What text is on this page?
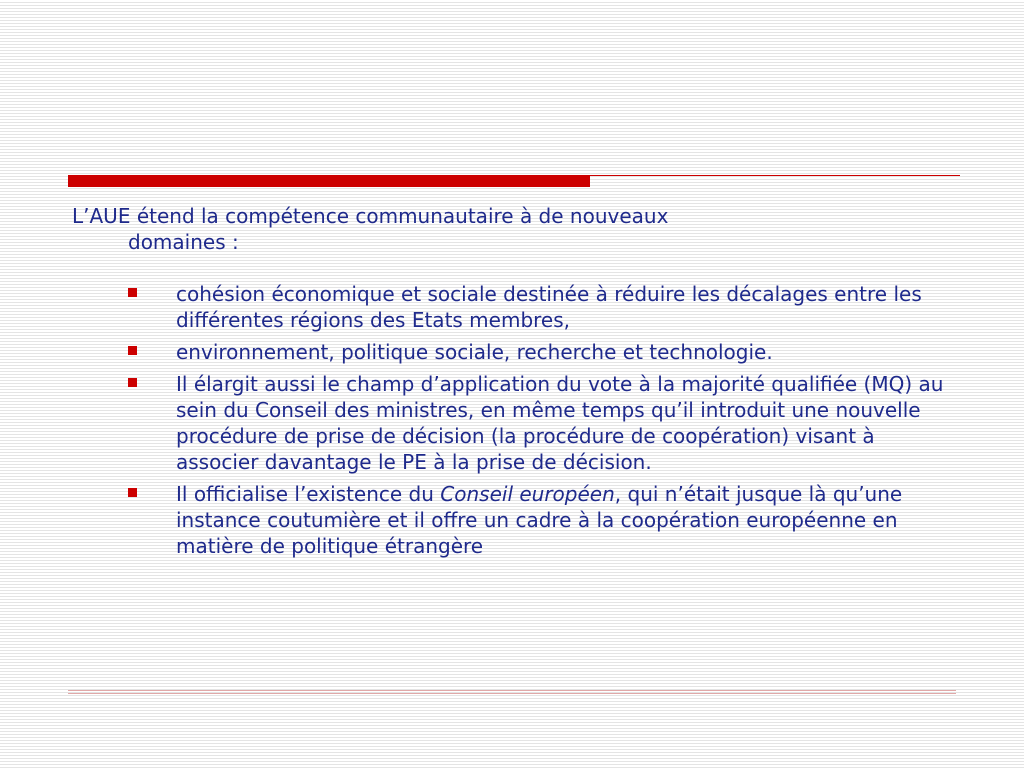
L’AUE étend la compétence communautaire à de nouveaux
domaines :
cohésion économique et sociale destinée à réduire les décalages entre les différentes régions des Etats membres,
environnement, politique sociale, recherche et technologie.
Il élargit aussi le champ d’application du vote à la majorité qualifiée (MQ) au sein du Conseil des ministres, en même temps qu’il introduit une nouvelle procédure de prise de décision (la procédure de coopération) visant à associer davantage le PE à la prise de décision.
Il officialise l’existence du Conseil européen, qui n’était jusque là qu’une instance coutumière et il offre un cadre à la coopération européenne en matière de politique étrangère
